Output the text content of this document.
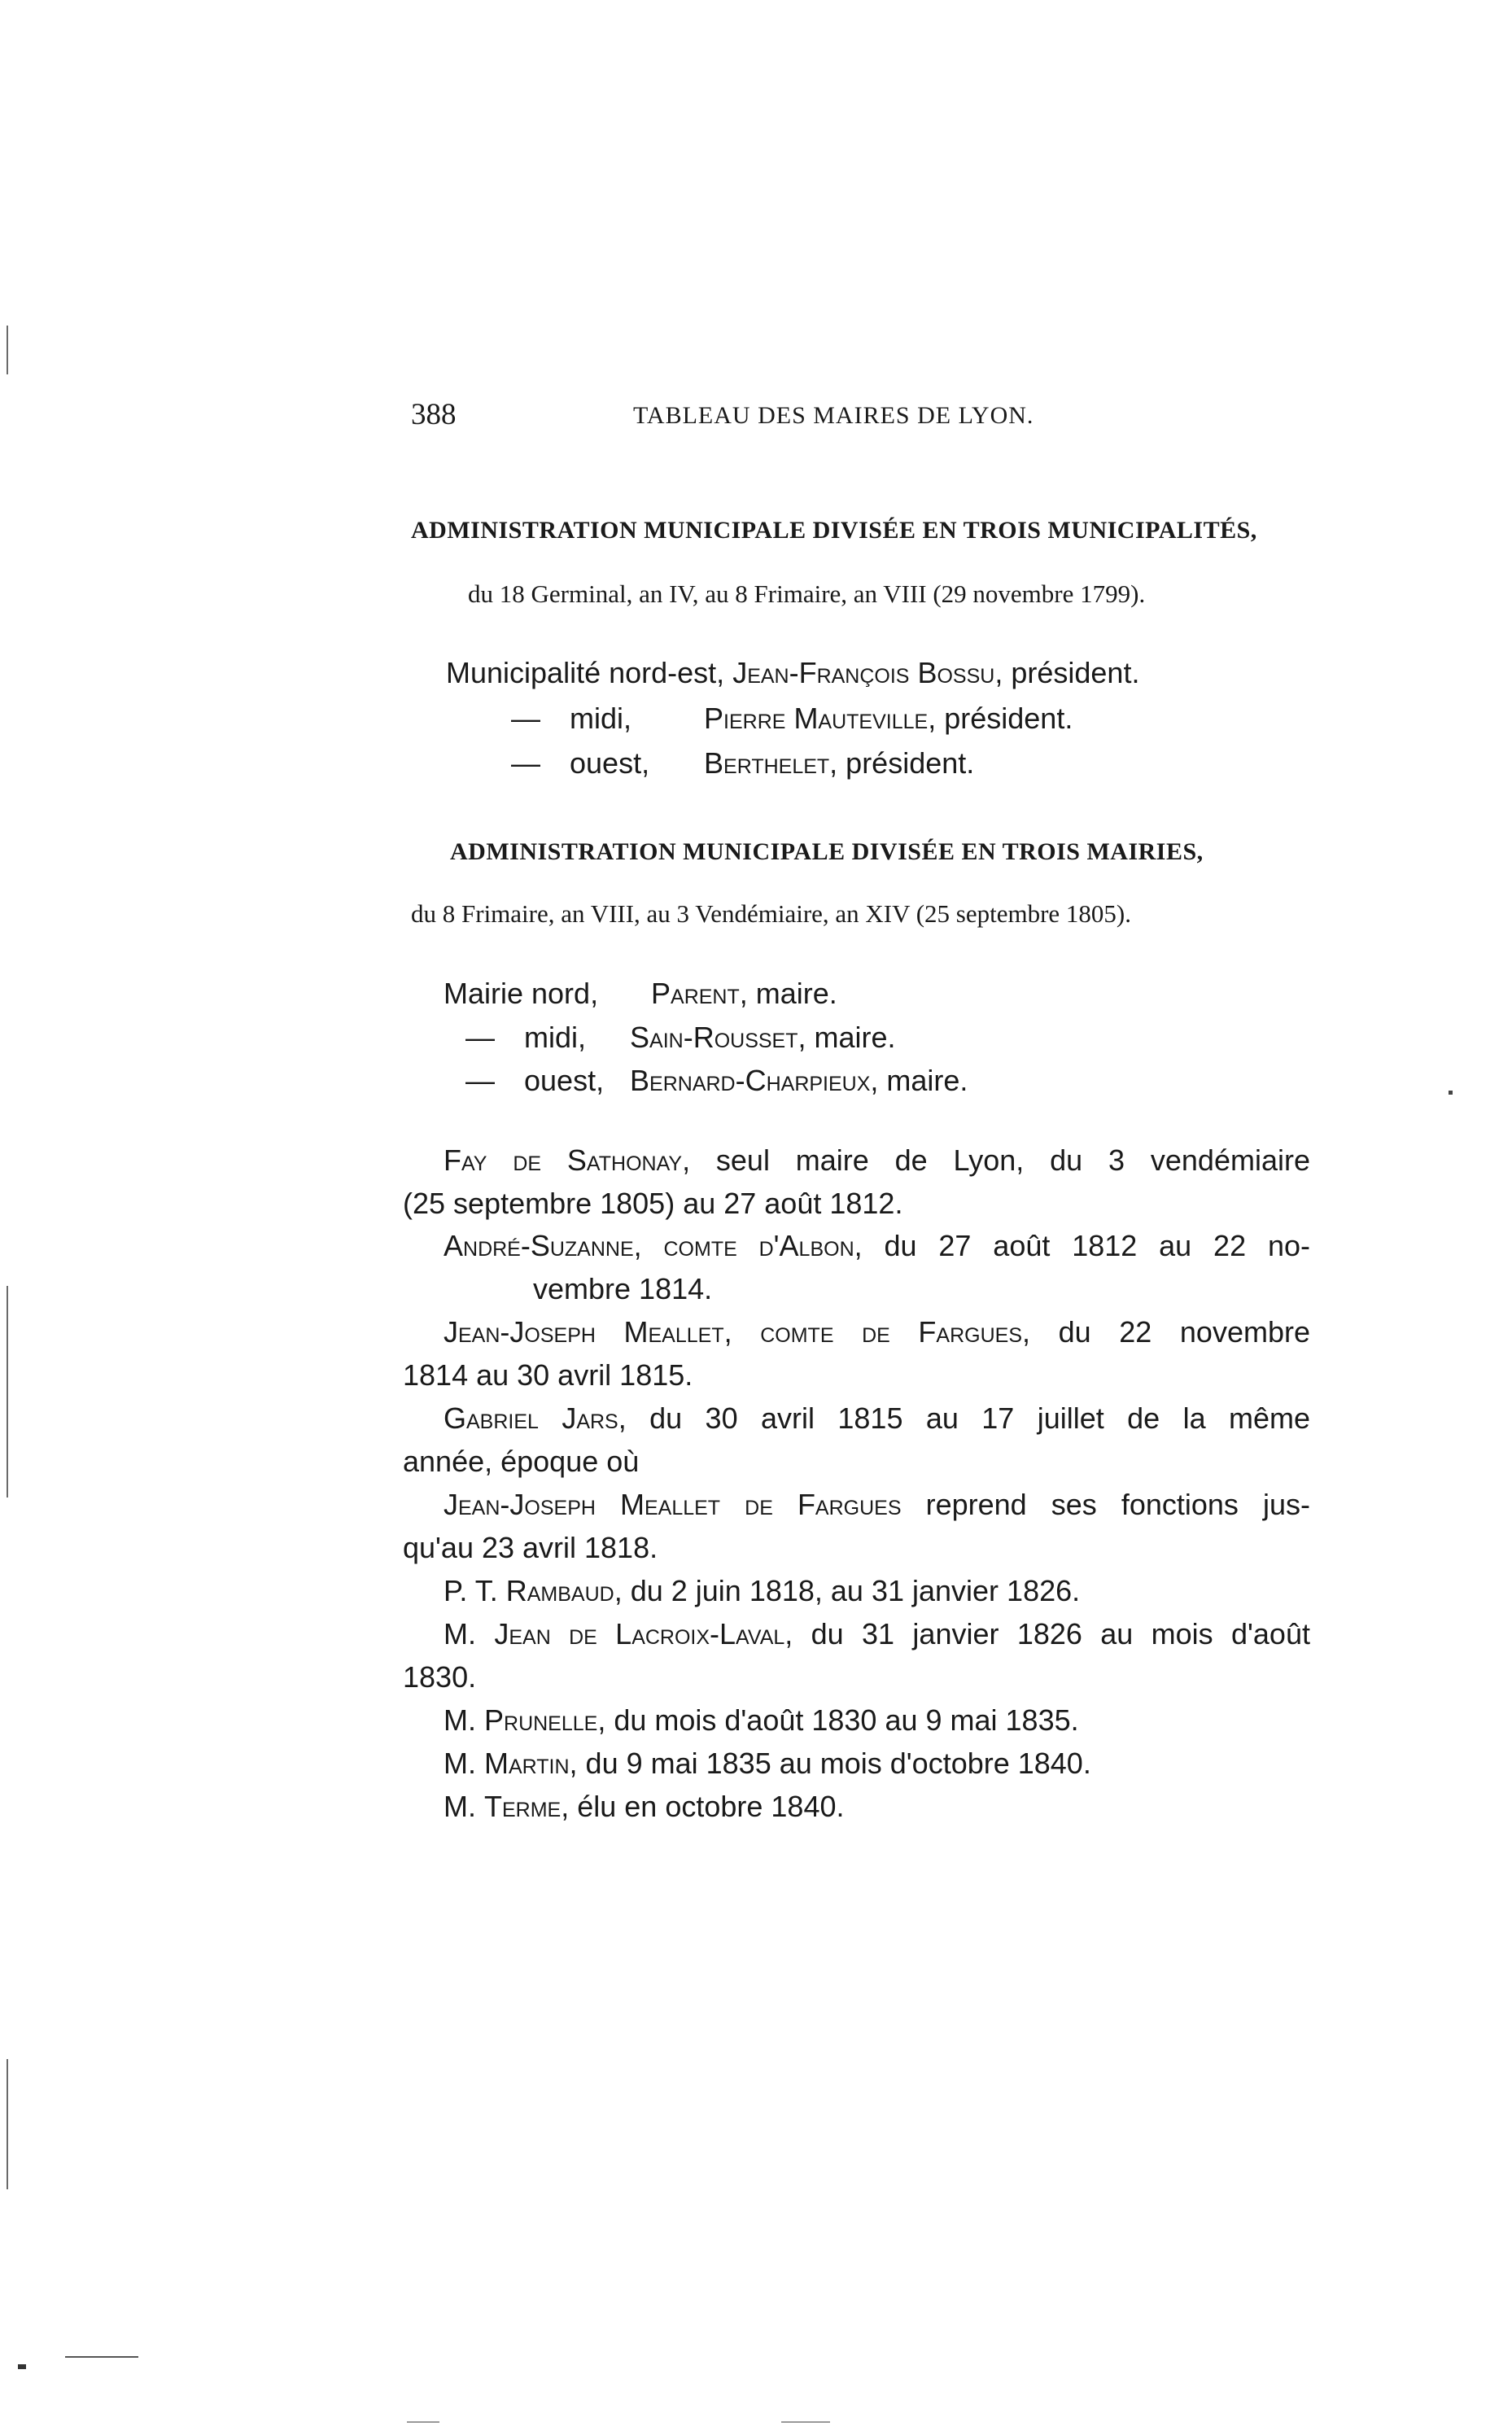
388	TABLEAU DES MAIRES DE LYON.
ADMINISTRATION MUNICIPALE DIVISÉE EN TROIS MUNICIPALITÉS,
du 18 Germinal, an IV, au 8 Frimaire, an VIII (29 novembre 1799).
Municipalité nord-est, Jean-François Bossu, président.
— midi, Pierre Mauteville, président.
— ouest, Berthelet, président.
ADMINISTRATION MUNICIPALE DIVISÉE EN TROIS MAIRIES,
du 8 Frimaire, an VIII, au 3 Vendémiaire, an XIV (25 septembre 1805).
Mairie nord, Parent, maire.
— midi, Sain-Rousset, maire.
— ouest, Bernard-Charpieux, maire.
Fay de Sathonay, seul maire de Lyon, du 3 vendémiaire
(25 septembre 1805) au 27 août 1812.
André-Suzanne, comte d'Albon, du 27 août 1812 au 22 no-
vembre 1814.
Jean-Joseph Meallet, comte de Fargues, du 22 novembre
1814 au 30 avril 1815.
Gabriel Jars, du 30 avril 1815 au 17 juillet de la même
année, époque où
Jean-Joseph Meallet de Fargues reprend ses fonctions jus-
qu'au 23 avril 1818.
P. T. Rambaud, du 2 juin 1818, au 31 janvier 1826.
M. Jean de Lacroix-Laval, du 31 janvier 1826 au mois d'août
1830.
M. Prunelle, du mois d'août 1830 au 9 mai 1835.
M. Martin, du 9 mai 1835 au mois d'octobre 1840.
M. Terme, élu en octobre 1840.
